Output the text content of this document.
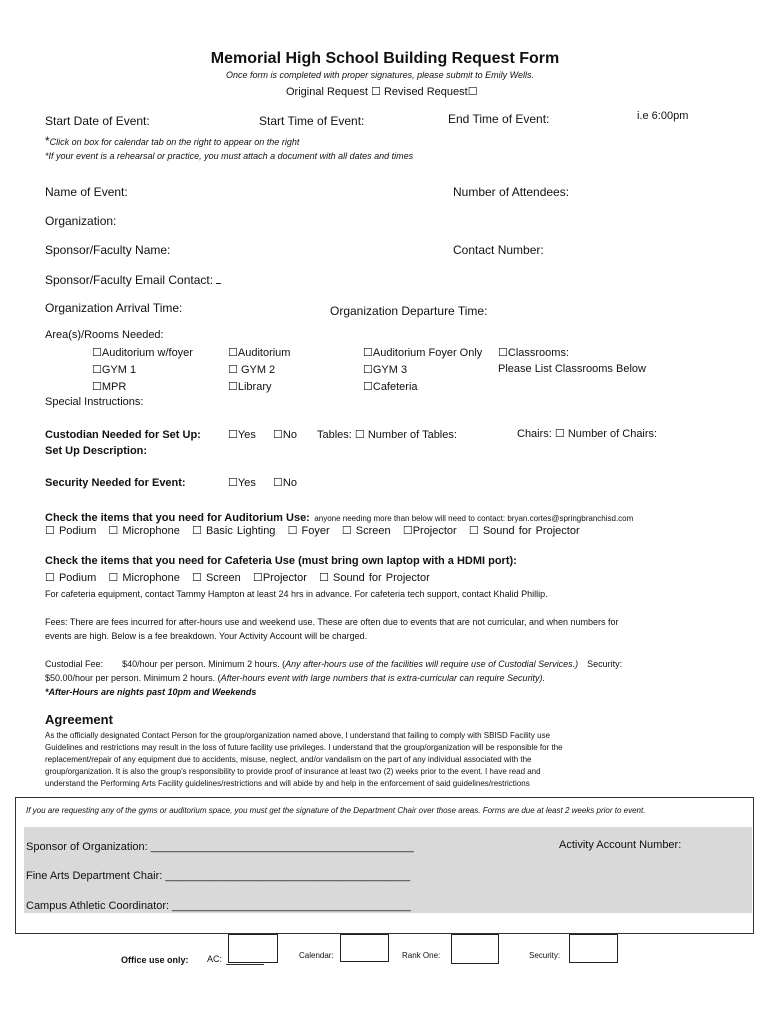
Memorial High School Building Request Form
Once form is completed with proper signatures, please submit to Emily Wells.
Original Request ☐ Revised Request☐
Start Date of Event:	Start Time of Event:	End Time of Event:	i.e 6:00pm
*Click on box for calendar tab on the right to appear on the right
*If your event is a rehearsal or practice, you must attach a document with all dates and times
Name of Event:	Number of Attendees:
Organization:
Sponsor/Faculty Name:	Contact Number:
Sponsor/Faculty Email Contact:
Organization Arrival Time:	Organization Departure Time:
Area(s)/Rooms Needed:
☐ Auditorium w/foyer ☐	Auditorium ☐	Auditorium Foyer Only ☐	Classrooms:
☐ GYM 1 ☐	GYM 2 ☐	GYM 3	Please List Classrooms Below
☐ MPR ☐	Library ☐	Cafeteria
Special Instructions:
Custodian Needed for Set Up: ☐	Yes ☐	No Tables: ☐ Number of Tables:	Chairs: ☐ Number of Chairs:
Set Up Description:
Security Needed for Event: ☐	Yes ☐	No
Check the items that you need for Auditorium Use: anyone needing more than below will need to contact: bryan.cortes@springbranchisd.com
☐ Podium ☐ Microphone ☐ Basic Lighting ☐ Foyer ☐ Screen ☐ Projector ☐ Sound for Projector
Check the items that you need for Cafeteria Use (must bring own laptop with a HDMI port):
☐ Podium ☐ Microphone ☐ Screen ☐ Projector ☐ Sound for Projector
For cafeteria equipment, contact Tammy Hampton at least 24 hrs in advance. For cafeteria tech support, contact Khalid Phillip.
Fees: There are fees incurred for after-hours use and weekend use. These are often due to events that are not curricular, and when numbers for
events are high. Below is a fee breakdown. Your Activity Account will be charged.
Custodial Fee: $40/hour per person. Minimum 2 hours. (Any after-hours use of the facilities will require use of Custodial Services.) Security:
$50.00/hour per person. Minimum 2 hours. (After-hours event with large numbers that is extra-curricular can require Security).
*After-Hours are nights past 10pm and Weekends
Agreement
As the officially designated Contact Person for the group/organization named above, I understand that failing to comply with SBISD Facility use
Guidelines and restrictions may result in the loss of future facility use privileges. I understand that the group/organization will be responsible for the
replacement/repair of any equipment due to accidents, misuse, neglect, and/or vandalism on the part of any individual associated with the
group/organization. It is also the group's responsibility to provide proof of insurance at least two (2) weeks prior to the event. I have read and
understand the Performing Arts Facility guidelines/restrictions and will abide by and help in the enforcement of said guidelines/restrictions
If you are requesting any of the gyms or auditorium space, you must get the signature of the Department Chair over those areas. Forms are due at least 2 weeks prior to event.
Sponsor of Organization: ___________________________________________	Activity Account Number:
Fine Arts Department Chair: ________________________________________
Campus Athletic Coordinator: _______________________________________
Office use only: AC:	Calendar:	Rank One:	Security:
